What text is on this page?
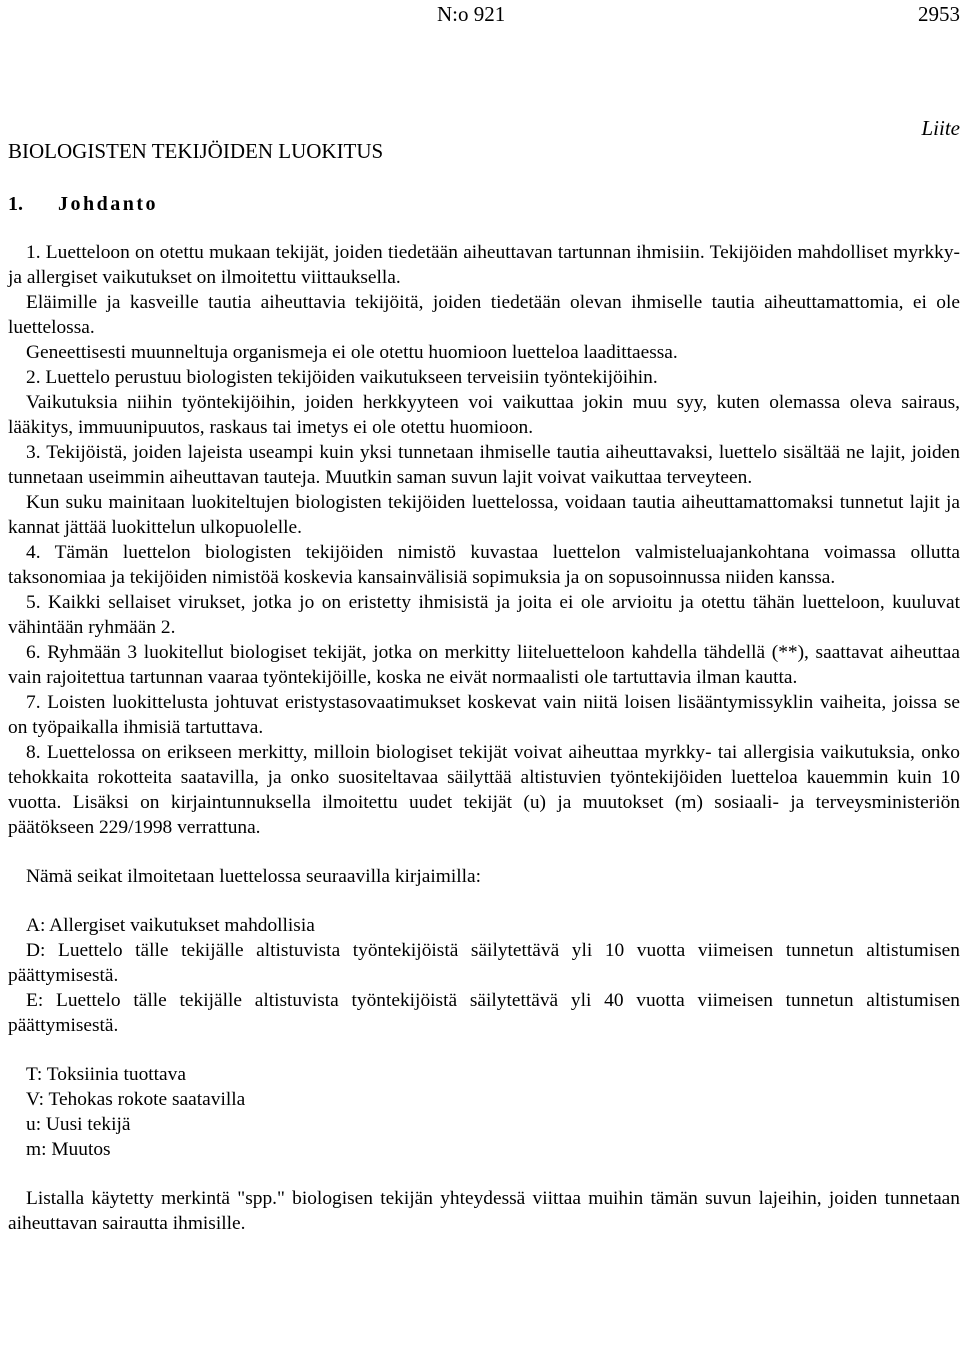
N:o 921	2953
Liite
BIOLOGISTEN TEKIJÖIDEN LUOKITUS
1. Johdanto

1. Luetteloon on otettu mukaan tekijät, joiden tiedetään aiheuttavan tartunnan ihmisiin. Tekijöiden mahdolliset myrkky- ja allergiset vaikutukset on ilmoitettu viittauksella.

Eläimille ja kasveille tautia aiheuttavia tekijöitä, joiden tiedetään olevan ihmiselle tautia aiheuttamattomia, ei ole luettelossa.

Geneettisesti muunneltuja organismeja ei ole otettu huomioon luetteloa laadittaessa.

2. Luettelo perustuu biologisten tekijöiden vaikutukseen terveisiin työntekijöihin.

Vaikutuksia niihin työntekijöihin, joiden herkkyyteen voi vaikuttaa jokin muu syy, kuten olemassa oleva sairaus, lääkitys, immuunipuutos, raskaus tai imetys ei ole otettu huomioon.

3. Tekijöistä, joiden lajeista useampi kuin yksi tunnetaan ihmiselle tautia aiheuttavaksi, luettelo sisältää ne lajit, joiden tunnetaan useimmin aiheuttavan tauteja. Muutkin saman suvun lajit voivat vaikuttaa terveyteen.

Kun suku mainitaan luokiteltujen biologisten tekijöiden luettelossa, voidaan tautia aiheuttamattomaksi tunnetut lajit ja kannat jättää luokittelun ulkopuolelle.

4. Tämän luettelon biologisten tekijöiden nimistö kuvastaa luettelon valmisteluajankohtana voimassa ollutta taksonomiaa ja tekijöiden nimistöä koskevia kansainvälisiä sopimuksia ja on sopusoinnussa niiden kanssa.

5. Kaikki sellaiset virukset, jotka jo on eristetty ihmisistä ja joita ei ole arvioitu ja otettu tähän luetteloon, kuuluvat vähintään ryhmään 2.

6. Ryhmään 3 luokitellut biologiset tekijät, jotka on merkitty liiteluetteloon kahdella tähdellä (**), saattavat aiheuttaa vain rajoitettua tartunnan vaaraa työntekijöille, koska ne eivät normaalisti ole tartuttavia ilman kautta.

7. Loisten luokittelusta johtuvat eristystasovaatimukset koskevat vain niitä loisen lisääntymissyklin vaiheita, joissa se on työpaikalla ihmisiä tartuttava.

8. Luettelossa on erikseen merkitty, milloin biologiset tekijät voivat aiheuttaa myrkky- tai allergisia vaikutuksia, onko tehokkaita rokotteita saatavilla, ja onko suositeltavaa säilyttää altistuvien työntekijöiden luetteloa kauemmin kuin 10 vuotta. Lisäksi on kirjaintunnuksella ilmoitettu uudet tekijät (u) ja muutokset (m) sosiaali- ja terveysministeriön päätökseen 229/1998 verrattuna.

Nämä seikat ilmoitetaan luettelossa seuraavilla kirjaimilla:

A: Allergiset vaikutukset mahdollisia

D: Luettelo tälle tekijälle altistuvista työntekijöistä säilytettävä yli 10 vuotta viimeisen tunnetun altistumisen päättymisestä.

E: Luettelo tälle tekijälle altistuvista työntekijöistä säilytettävä yli 40 vuotta viimeisen tunnetun altistumisen päättymisestä.

T: Toksiinia tuottava

V: Tehokas rokote saatavilla

u: Uusi tekijä

m: Muutos

Listalla käytetty merkintä "spp." biologisen tekijän yhteydessä viittaa muihin tämän suvun lajeihin, joiden tunnetaan aiheuttavan sairautta ihmisille.
